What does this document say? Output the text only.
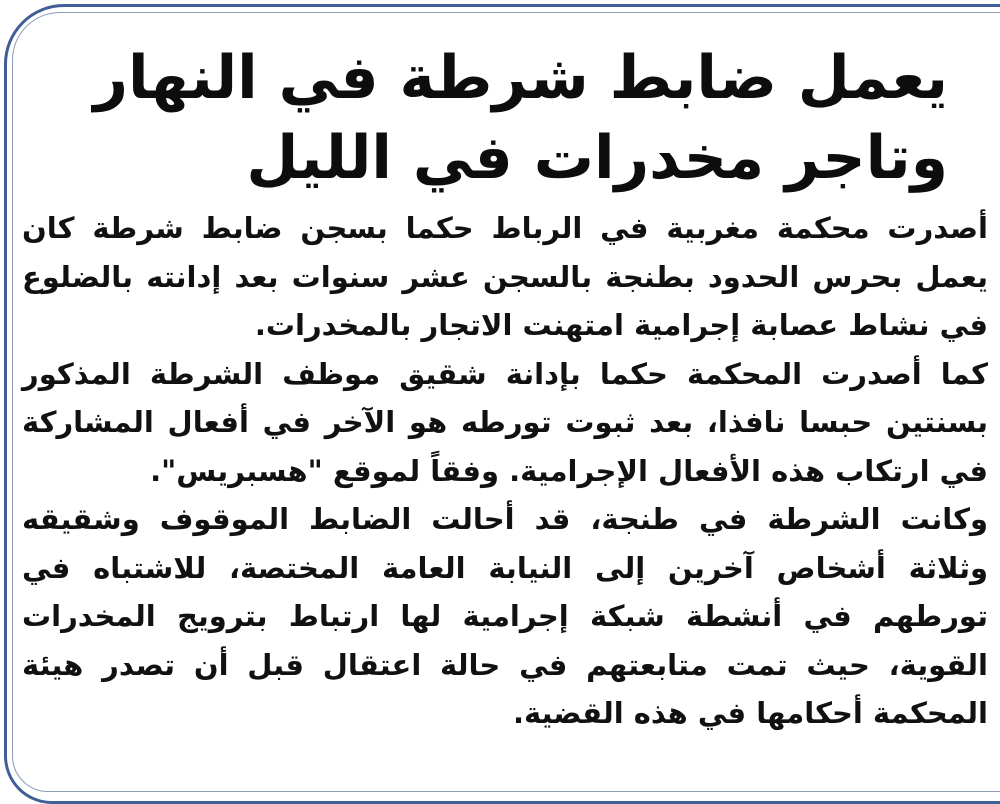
يعمل ضابط شرطة في النهار وتاجر مخدرات في الليل

أصدرت محكمة مغربية في الرباط حكما بسجن ضابط شرطة كان يعمل بحرس الحدود بطنجة بالسجن عشر سنوات بعد إدانته بالضلوع في نشاط عصابة إجرامية امتهنت الاتجار بالمخدرات.

كما أصدرت المحكمة حكما بإدانة شقيق موظف الشرطة المذكور بسنتين حبسا نافذا، بعد ثبوت تورطه هو الآخر في أفعال المشاركة في ارتكاب هذه الأفعال الإجرامية. وفقاً لموقع "هسبريس".

وكانت الشرطة في طنجة، قد أحالت الضابط الموقوف وشقيقه وثلاثة أشخاص آخرين إلى النيابة العامة المختصة، للاشتباه في تورطهم في أنشطة شبكة إجرامية لها ارتباط بترويج المخدرات القوية، حيث تمت متابعتهم في حالة اعتقال قبل أن تصدر هيئة المحكمة أحكامها في هذه القضية.
